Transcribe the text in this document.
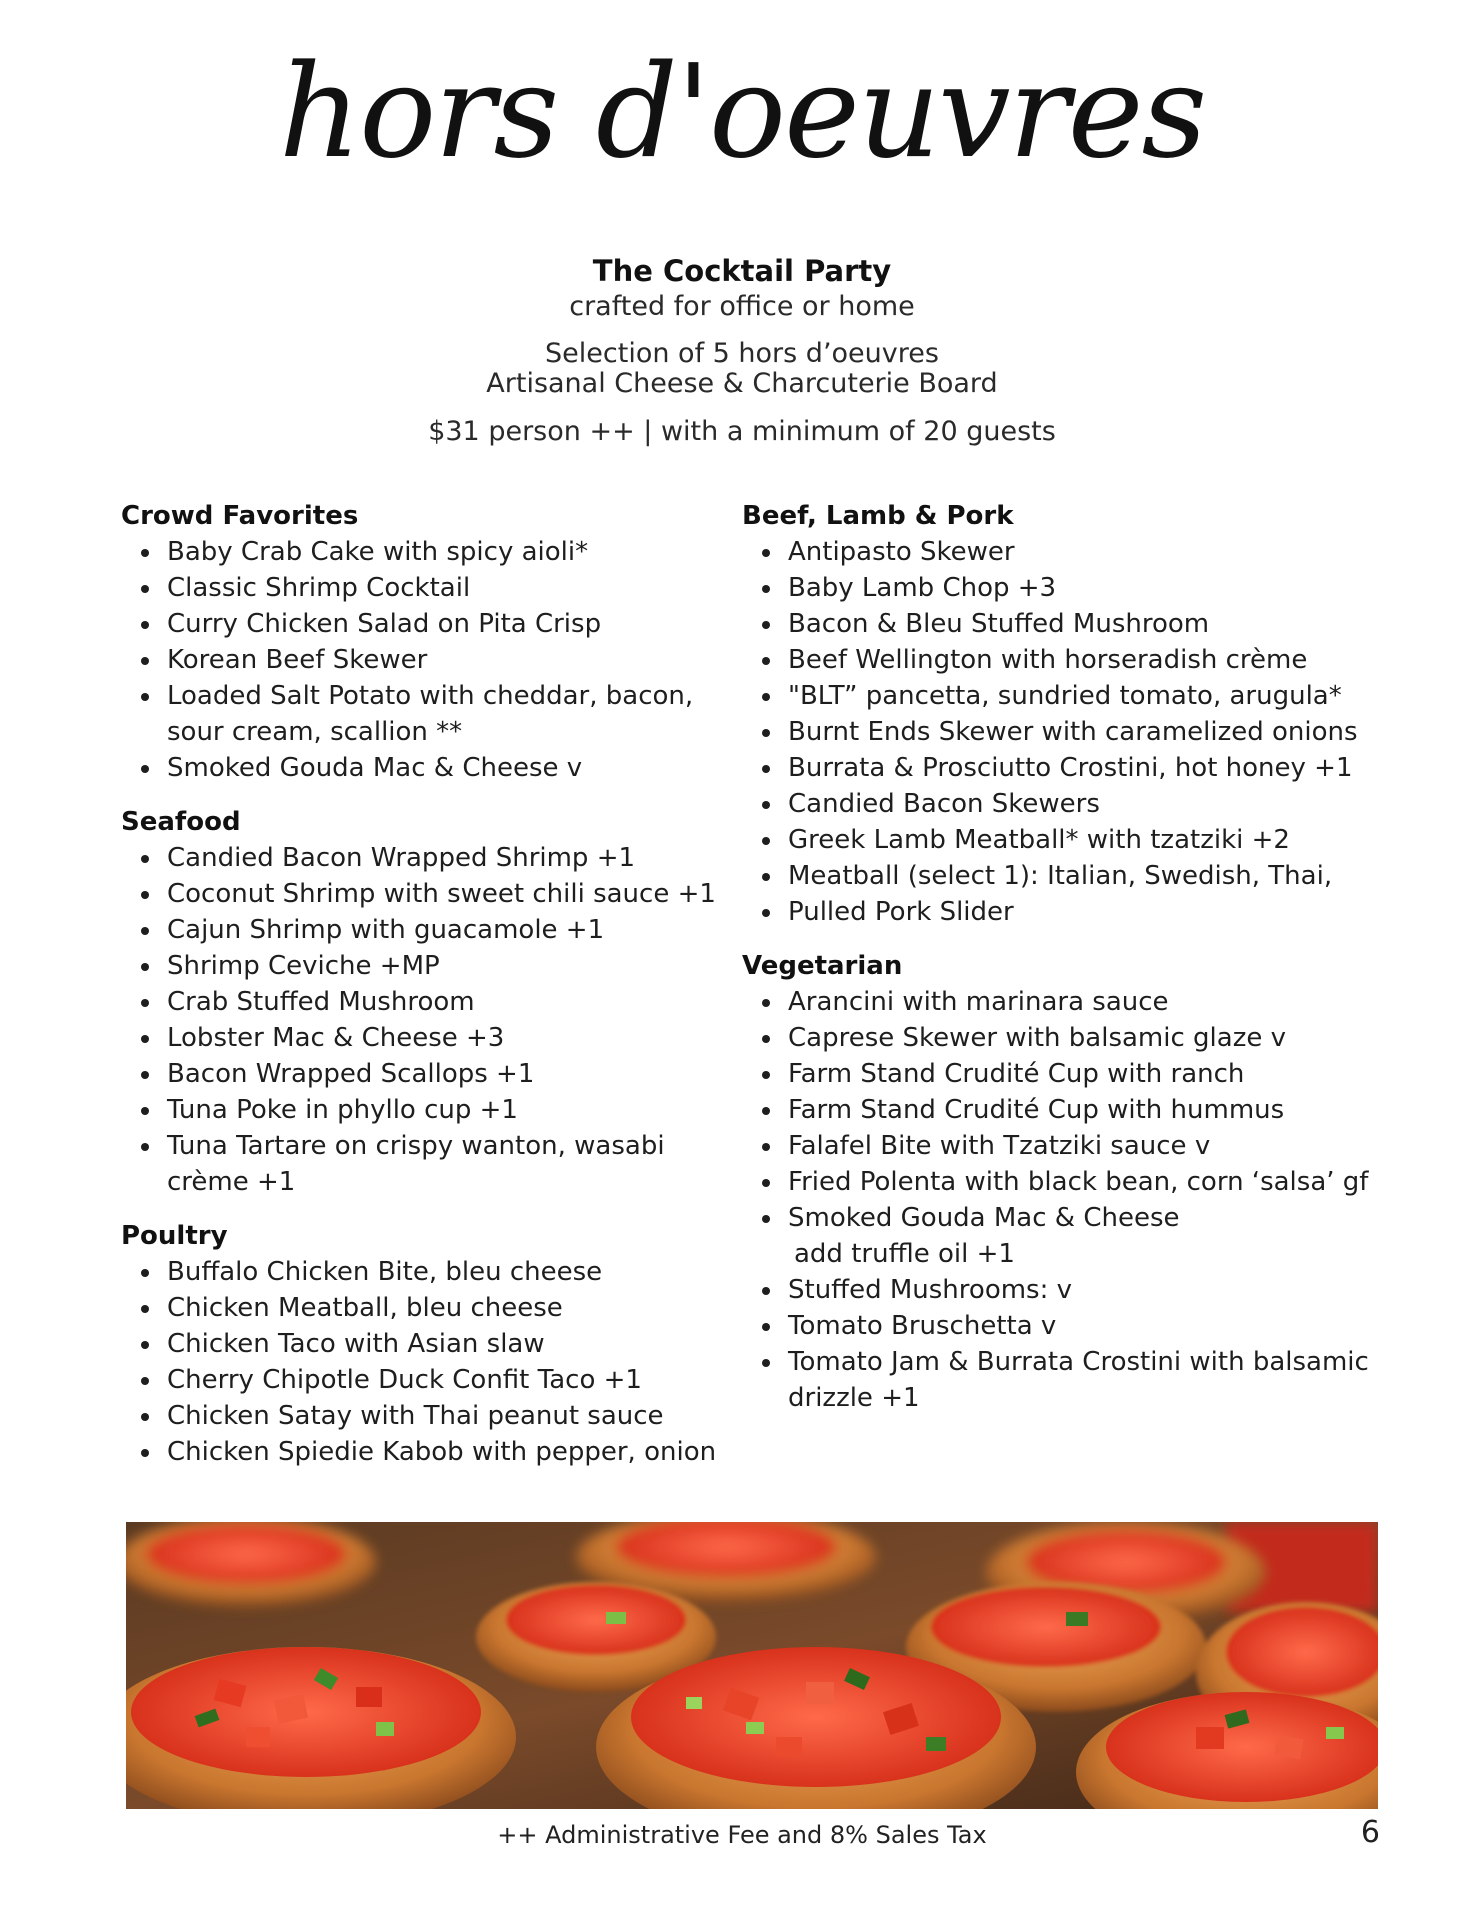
hors d'oeuvres
The Cocktail Party
crafted for office or home
Selection of 5 hors d’oeuvres
Artisanal Cheese & Charcuterie Board
$31 person ++ | with a minimum of 20 guests
Crowd Favorites
Baby Crab Cake with spicy aioli*
Classic Shrimp Cocktail
Curry Chicken Salad on Pita Crisp
Korean Beef Skewer
Loaded Salt Potato with cheddar, bacon,
sour cream, scallion **
Smoked Gouda Mac & Cheese v
Seafood
Candied Bacon Wrapped Shrimp +1
Coconut Shrimp with sweet chili sauce +1
Cajun Shrimp with guacamole +1
Shrimp Ceviche +MP
Crab Stuffed Mushroom
Lobster Mac & Cheese +3
Bacon Wrapped Scallops +1
Tuna Poke in phyllo cup +1
Tuna Tartare on crispy wanton, wasabi
crème +1
Poultry
Buffalo Chicken Bite, bleu cheese
Chicken Meatball, bleu cheese
Chicken Taco with Asian slaw
Cherry Chipotle Duck Confit Taco +1
Chicken Satay with Thai peanut sauce
Chicken Spiedie Kabob with pepper, onion
Beef, Lamb & Pork
Antipasto Skewer
Baby Lamb Chop +3
Bacon & Bleu Stuffed Mushroom
Beef Wellington with horseradish crème
"BLT” pancetta, sundried tomato, arugula*
Burnt Ends Skewer with caramelized onions
Burrata & Prosciutto Crostini, hot honey +1
Candied Bacon Skewers
Greek Lamb Meatball* with tzatziki +2
Meatball (select 1): Italian, Swedish, Thai,
Pulled Pork Slider
Vegetarian
Arancini with marinara sauce
Caprese Skewer with balsamic glaze v
Farm Stand Crudité Cup with ranch
Farm Stand Crudité Cup with hummus
Falafel Bite with Tzatziki sauce v
Fried Polenta with black bean, corn ‘salsa’ gf
Smoked Gouda Mac & Cheese
add truffle oil +1
Stuffed Mushrooms: v
Tomato Bruschetta v
Tomato Jam & Burrata Crostini with balsamic
drizzle +1
++ Administrative Fee and 8% Sales Tax	6
